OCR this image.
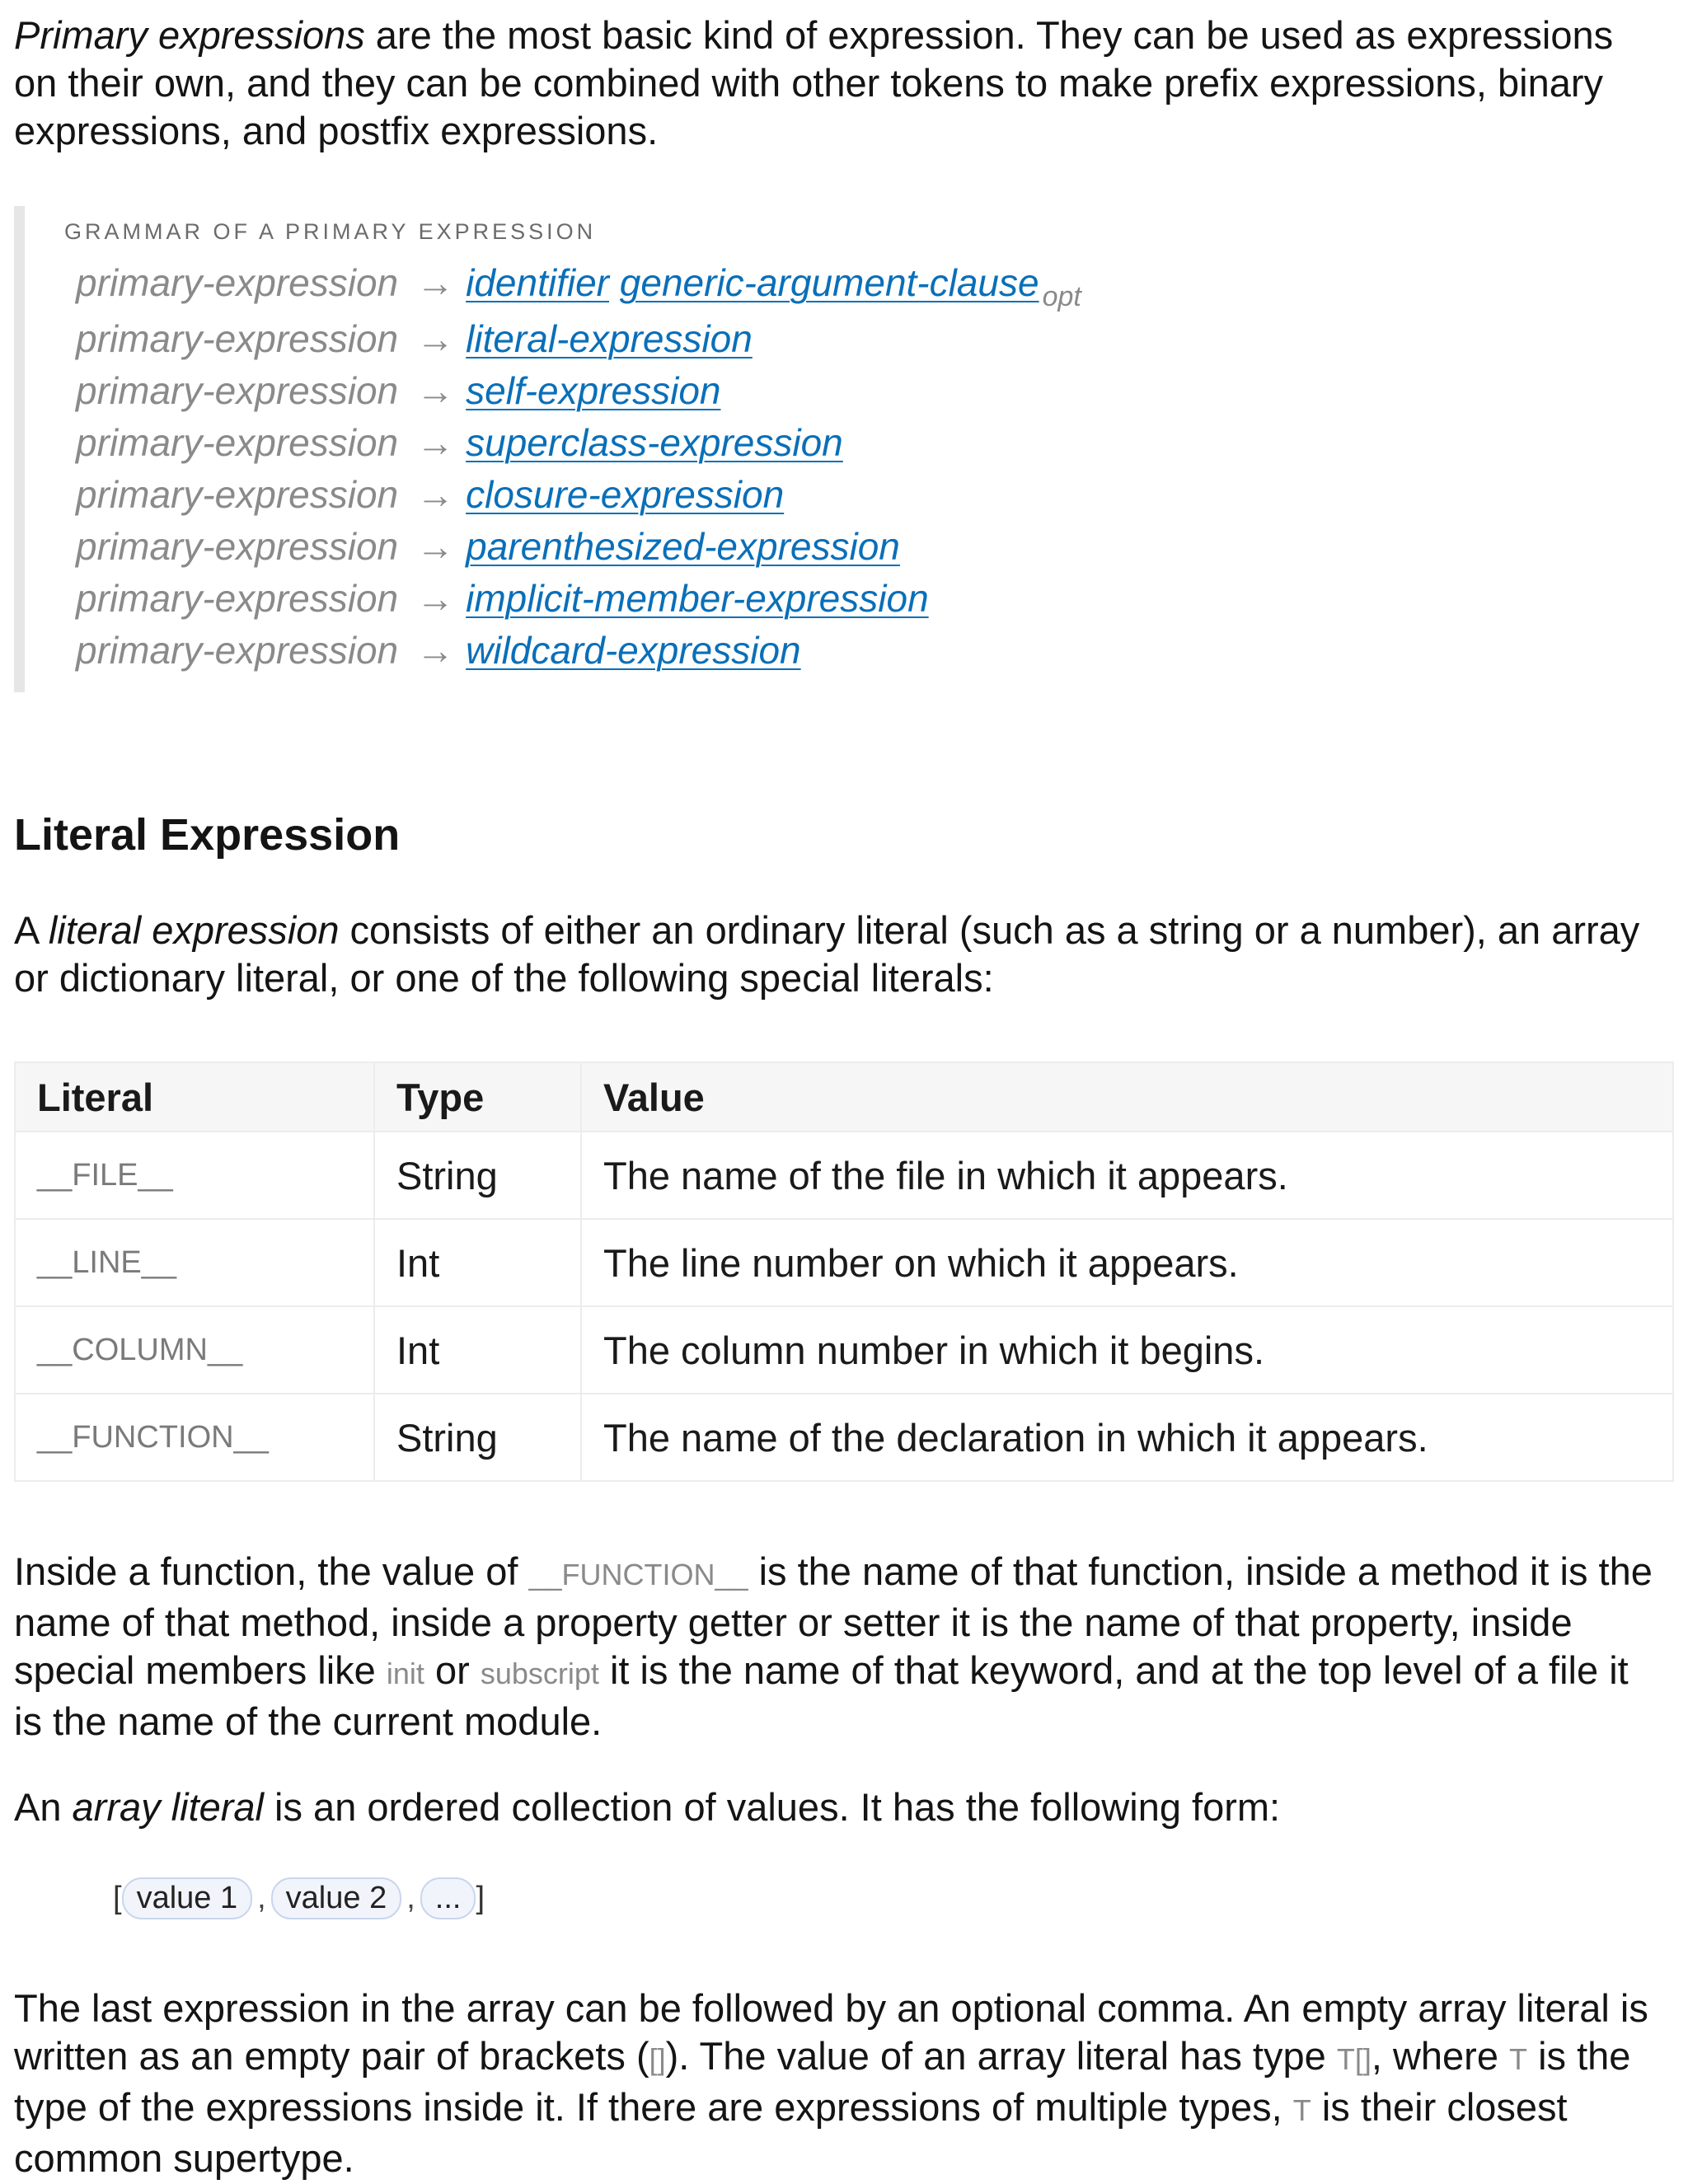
Primary expressions are the most basic kind of expression. They can be used as expressions on their own, and they can be combined with other tokens to make prefix expressions, binary expressions, and postfix expressions.

GRAMMAR OF A PRIMARY EXPRESSION
primary-expression → identifier generic-argument-clause $_{opt}$
primary-expression → literal-expression
primary-expression → self-expression
primary-expression → superclass-expression
primary-expression → closure-expression
primary-expression → parenthesized-expression
primary-expression → implicit-member-expression
primary-expression → wildcard-expression
Literal Expression

A literal expression consists of either an ordinary literal (such as a string or a number), an array or dictionary literal, or one of the following special literals:

Literal	Type	Value
__FILE__	String	The name of the file in which it appears.
__LINE__	Int	The line number on which it appears.
__COLUMN__	Int	The column number in which it begins.
__FUNCTION__	String	The name of the declaration in which it appears.

Inside a function, the value of __FUNCTION__ is the name of that function, inside a method it is the name of that method, inside a property getter or setter it is the name of that property, inside special members like init or subscript it is the name of that keyword, and at the top level of a file it is the name of the current module.

An array literal is an ordered collection of values. It has the following form:

[ value 1 , value 2 , ... ]

The last expression in the array can be followed by an optional comma. An empty array literal is written as an empty pair of brackets ([]). The value of an array literal has type T[], where T is the type of the expressions inside it. If there are expressions of multiple types, T is their closest common supertype.
